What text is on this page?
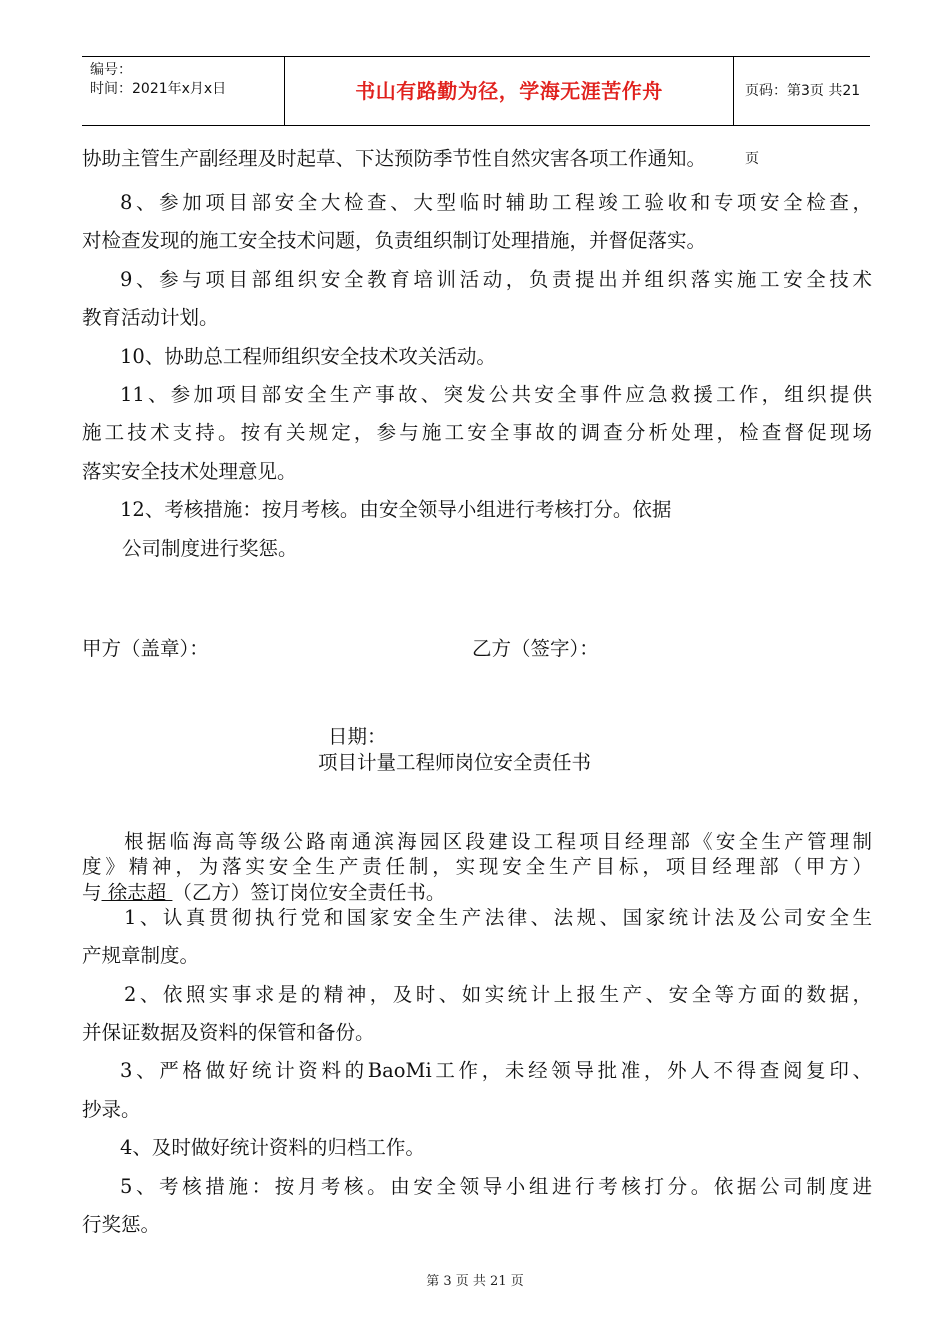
编号：
时间：2021年x月x日	书山有路勤为径，学海无涯苦作舟	页码：第3页 共21页
协助主管生产副经理及时起草、下达预防季节性自然灾害各项工作通知。
8、参加项目部安全大检查、大型临时辅助工程竣工验收和专项安全检查，
对检查发现的施工安全技术问题，负责组织制订处理措施，并督促落实。
9、参与项目部组织安全教育培训活动，负责提出并组织落实施工安全技术
教育活动计划。
10、协助总工程师组织安全技术攻关活动。
11、参加项目部安全生产事故、突发公共安全事件应急救援工作，组织提供
施工技术支持。按有关规定，参与施工安全事故的调查分析处理，检查督促现场
落实安全技术处理意见。
12、考核措施：按月考核。由安全领导小组进行考核打分。依据
公司制度进行奖惩。
甲方（盖章）：	乙方（签字）：
日期：
项目计量工程师岗位安全责任书
根据临海高等级公路南通滨海园区段建设工程项目经理部《安全生产管理制
度》精神，为落实安全生产责任制，实现安全生产目标，项目经理部（甲方）
与 徐志超 （乙方）签订岗位安全责任书。
1、认真贯彻执行党和国家安全生产法律、法规、国家统计法及公司安全生
产规章制度。
2、依照实事求是的精神，及时、如实统计上报生产、安全等方面的数据，
并保证数据及资料的保管和备份。
3、严格做好统计资料的BaoMi工作，未经领导批准，外人不得查阅复印、
抄录。
4、及时做好统计资料的归档工作。
5、考核措施：按月考核。由安全领导小组进行考核打分。依据公司制度进
行奖惩。
第 3 页 共 21 页
